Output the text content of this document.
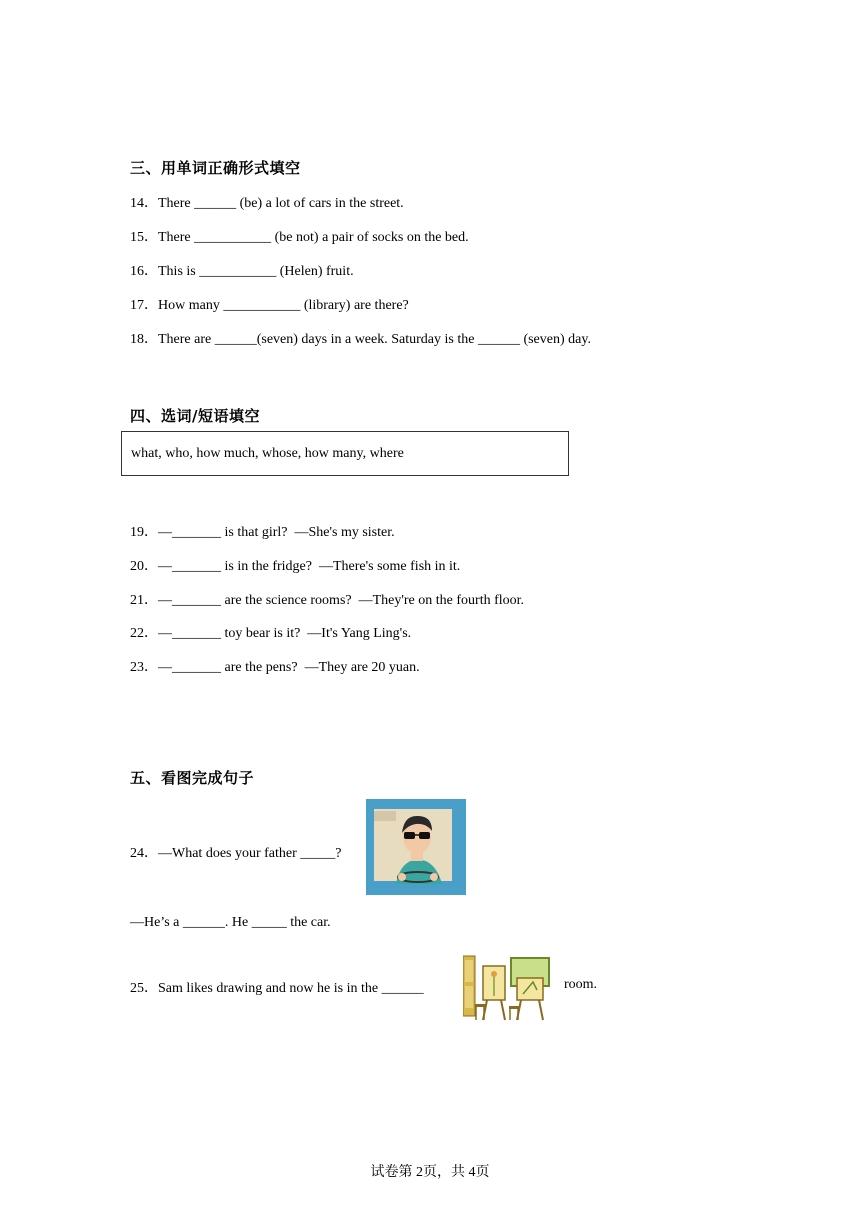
三、用单词正确形式填空
14．There ______ (be) a lot of cars in the street.
15．There ___________ (be not) a pair of socks on the bed.
16．This is ___________ (Helen) fruit.
17．How many ___________ (library) are there?
18．There are ______(seven) days in a week. Saturday is the ______ (seven) day.
四、选词/短语填空
what, who, how much, whose, how many, where
19．—_______ is that girl?  —She's my sister.
20．—_______ is in the fridge?  —There's some fish in it.
21．—_______ are the science rooms?  —They're on the fourth floor.
22．—_______ toy bear is it?  —It's Yang Ling's.
23．—_______ are the pens?  —They are 20 yuan.
五、看图完成句子
24．—What does your father _____?
—He’s a ______. He _____ the car.
25．Sam likes drawing and now he is in the ______	room.
试卷第 2页，共 4页
